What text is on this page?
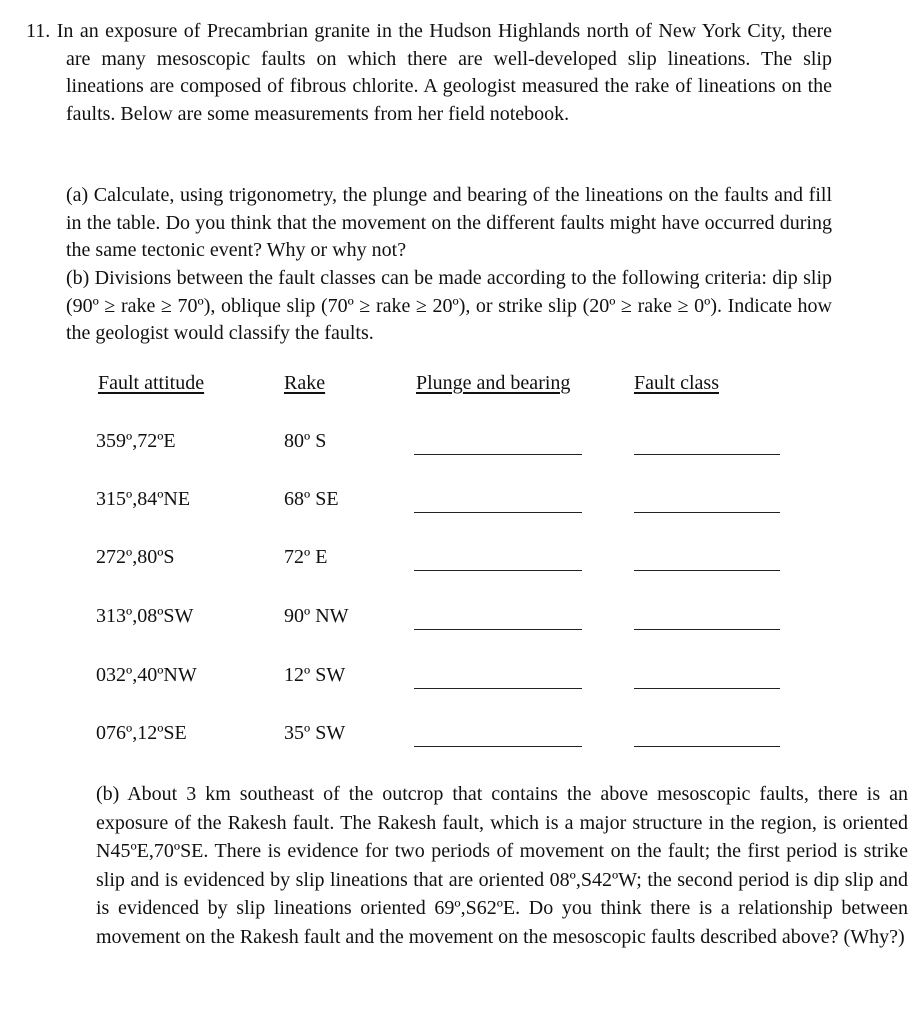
11. In an exposure of Precambrian granite in the Hudson Highlands north of New York City, there are many mesoscopic faults on which there are well-developed slip lineations. The slip lineations are composed of fibrous chlorite. A geologist measured the rake of lineations on the faults. Below are some measurements from her field notebook.

(a) Calculate, using trigonometry, the plunge and bearing of the lineations on the faults and fill in the table. Do you think that the movement on the different faults might have occurred during the same tectonic event? Why or why not?

(b) Divisions between the fault classes can be made according to the following criteria: dip slip (90º ≥ rake ≥ 70º), oblique slip (70º ≥ rake ≥ 20º), or strike slip (20º ≥ rake ≥ 0º). Indicate how the geologist would classify the faults.

Fault attitude	Rake	Plunge and bearing	Fault class
359º,72ºE	80º S
315º,84ºNE	68º SE
272º,80ºS	72º E
313º,08ºSW	90º NW
032º,40ºNW	12º SW
076º,12ºSE	35º SW

(b) About 3 km southeast of the outcrop that contains the above mesoscopic faults, there is an exposure of the Rakesh fault. The Rakesh fault, which is a major structure in the region, is oriented N45ºE,70ºSE. There is evidence for two periods of movement on the fault; the first period is strike slip and is evidenced by slip lineations that are oriented 08º,S42ºW; the second period is dip slip and is evidenced by slip lineations oriented 69º,S62ºE. Do you think there is a relationship between movement on the Rakesh fault and the movement on the mesoscopic faults described above? (Why?)
